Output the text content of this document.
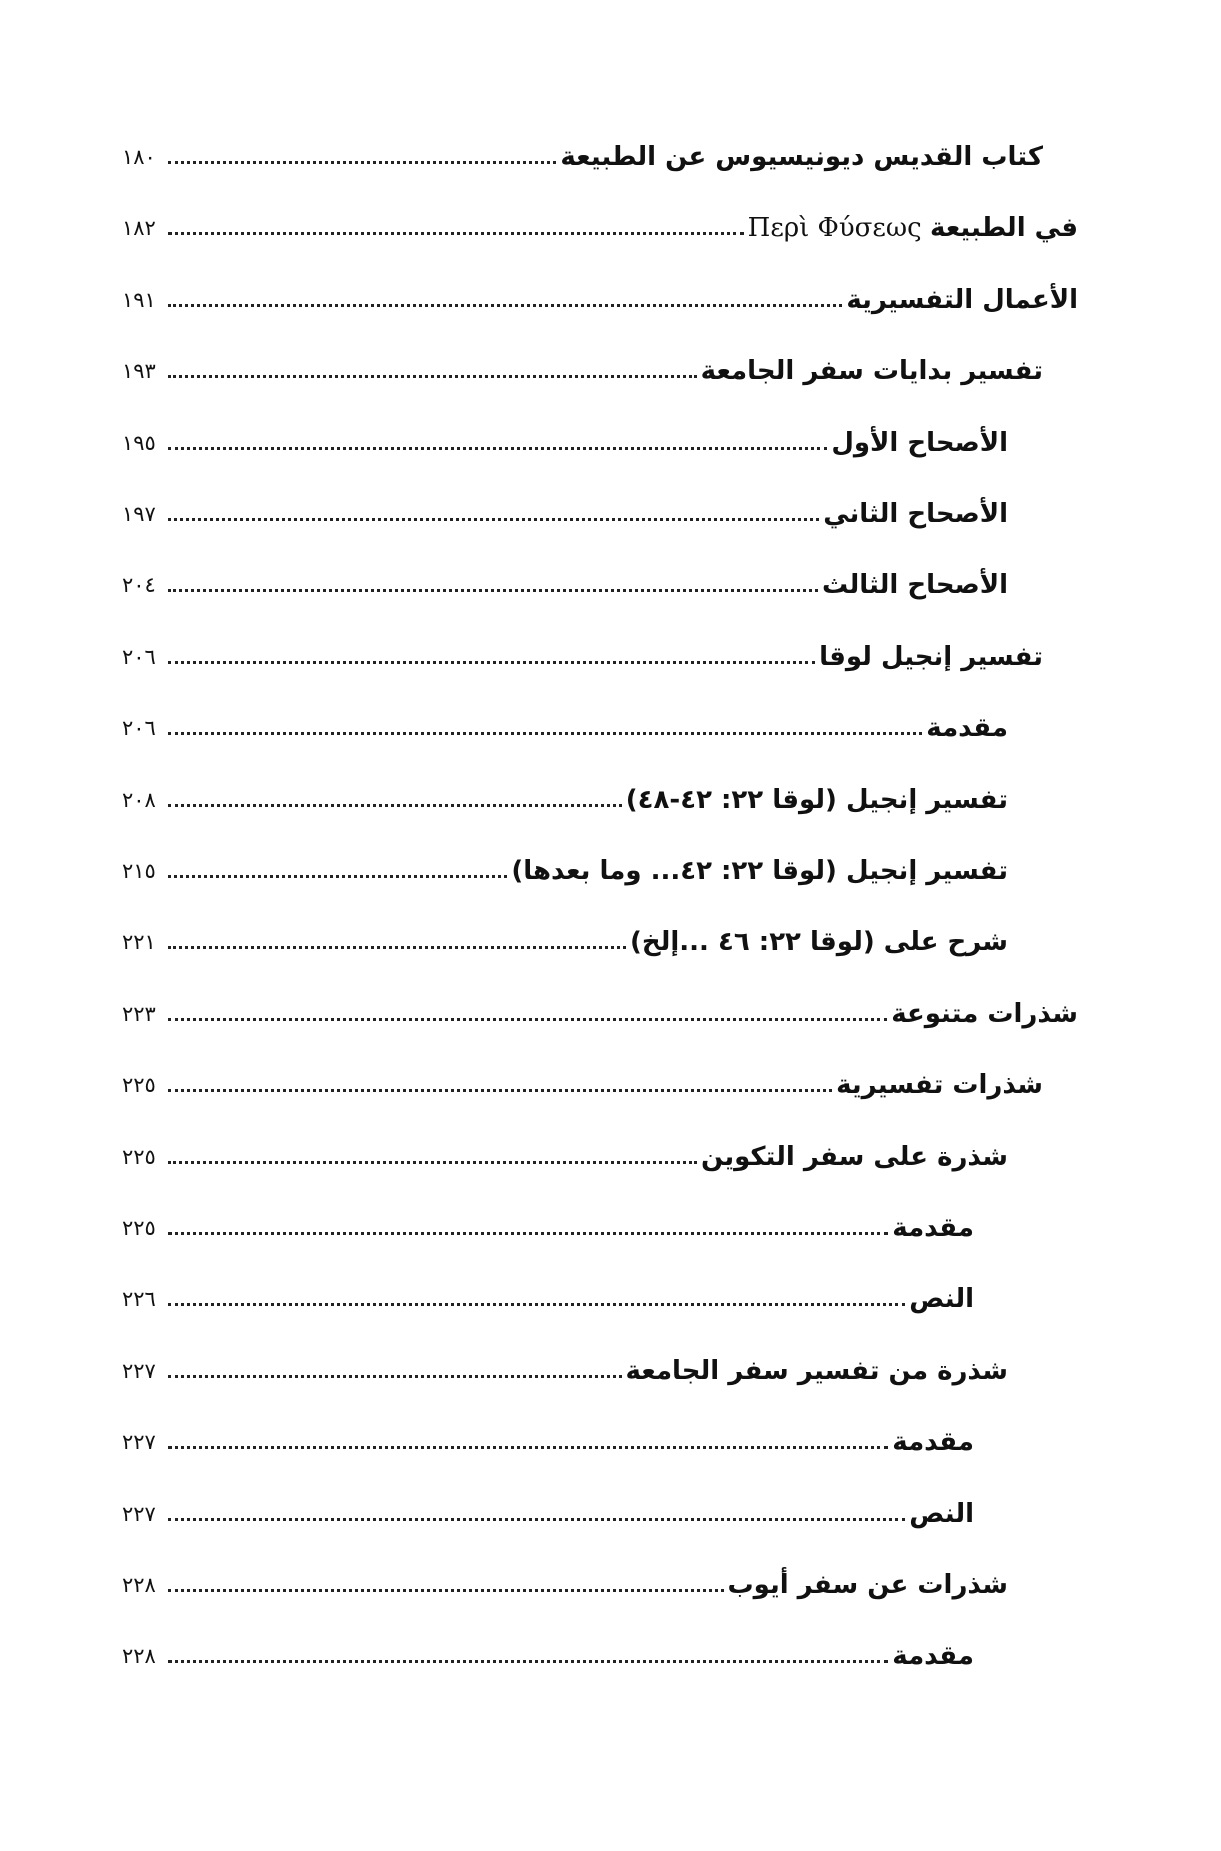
١٨٠	كتاب القديس ديونيسيوس عن الطبيعة
١٨٢	في الطبيعة Περὶ Φύσεως
١٩١	الأعمال التفسيرية
١٩٣	تفسير بدايات سفر الجامعة
١٩٥	الأصحاح الأول
١٩٧	الأصحاح الثاني
٢٠٤	الأصحاح الثالث
٢٠٦	تفسير إنجيل لوقا
٢٠٦	مقدمة
٢٠٨	تفسير إنجيل (لوقا ٢٢: ٤٢-٤٨)
٢١٥	تفسير إنجيل (لوقا ٢٢: ٤٢... وما بعدها)
٢٢١	شرح على (لوقا ٢٢: ٤٦ ...إلخ)
٢٢٣	شذرات متنوعة
٢٢٥	شذرات تفسيرية
٢٢٥	شذرة على سفر التكوين
٢٢٥	مقدمة
٢٢٦	النص
٢٢٧	شذرة من تفسير سفر الجامعة
٢٢٧	مقدمة
٢٢٧	النص
٢٢٨	شذرات عن سفر أيوب
٢٢٨	مقدمة
